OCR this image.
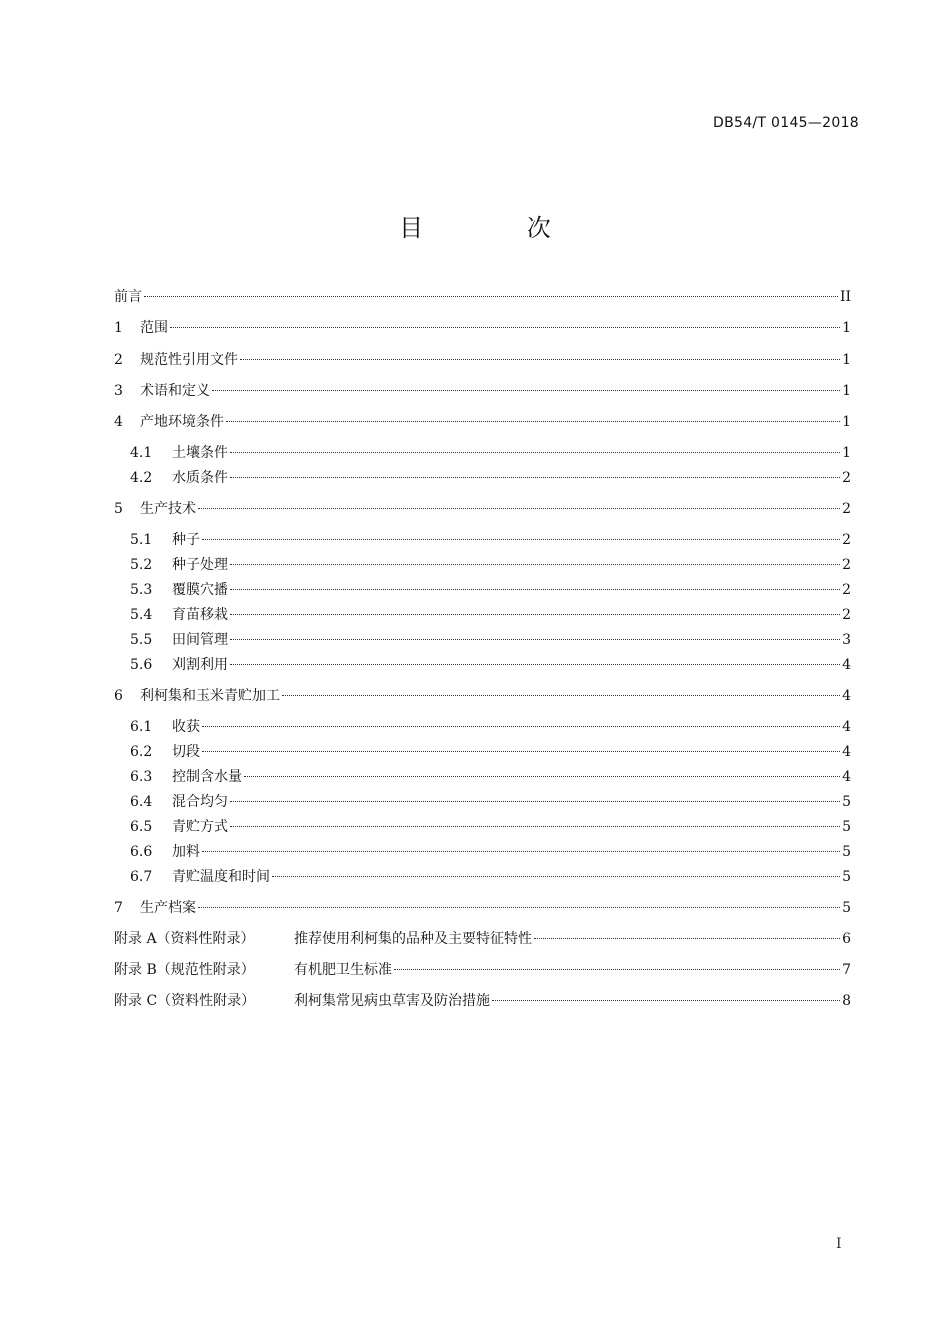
DB54/T 0145—2018
目 次
前言	II
1	范围	1
2	规范性引用文件	1
3	术语和定义	1
4	产地环境条件	1
4.1	土壤条件	1
4.2	水质条件	2
5	生产技术	2
5.1	种子	2
5.2	种子处理	2
5.3	覆膜穴播	2
5.4	育苗移栽	2
5.5	田间管理	3
5.6	刈割利用	4
6	利柯集和玉米青贮加工	4
6.1	收获	4
6.2	切段	4
6.3	控制含水量	4
6.4	混合均匀	5
6.5	青贮方式	5
6.6	加料	5
6.7	青贮温度和时间	5
7	生产档案	5
附录 A（资料性附录）	推荐使用利柯集的品种及主要特征特性	6
附录 B（规范性附录）	有机肥卫生标准	7
附录 C（资料性附录）	利柯集常见病虫草害及防治措施	8
I
